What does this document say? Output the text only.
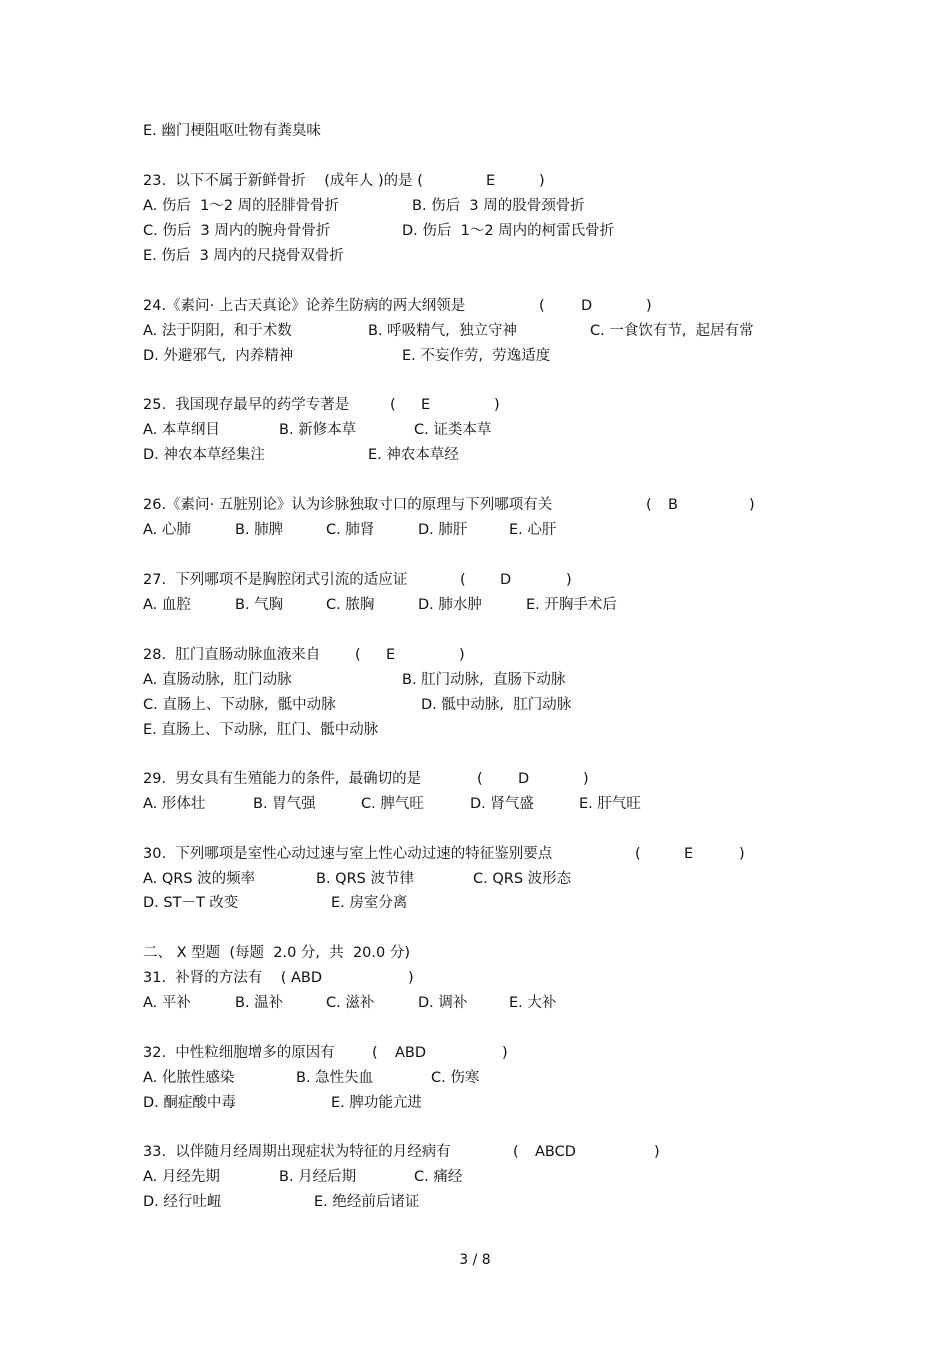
E. 幽门梗阻呕吐物有粪臭味
23.  以下不属于新鲜骨折    (成年人 )的是 (	E	)
A. 伤后  1～2 周的胫腓骨骨折	B. 伤后  3 周的股骨颈骨折
C. 伤后  3 周内的腕舟骨骨折	D. 伤后  1～2 周内的柯雷氏骨折
E. 伤后  3 周内的尺挠骨双骨折
24.《素问· 上古天真论》论养生防病的两大纲领是	(	D	)
A. 法于阴阳,  和于术数	B. 呼吸精气,  独立守神	C. 一食饮有节,  起居有常
D. 外避邪气,  内养精神	E. 不妄作劳,  劳逸适度
25.  我国现存最早的药学专著是	( E	)
A. 本草纲目	B. 新修本草	C. 证类本草
D. 神农本草经集注	E. 神农本草经
26.《素问· 五脏别论》认为诊脉独取寸口的原理与下列哪项有关	( B	)
A. 心肺	B. 肺脾	C. 肺肾	D. 肺肝	E. 心肝
27.  下列哪项不是胸腔闭式引流的适应证	( D	)
A. 血腔	B. 气胸	C. 脓胸	D. 肺水肿	E. 开胸手术后
28.  肛门直肠动脉血液来自 ( E	)
A. 直肠动脉,  肛门动脉	B. 肛门动脉,  直肠下动脉
C. 直肠上、下动脉,  骶中动脉	D. 骶中动脉,  肛门动脉
E. 直肠上、下动脉,  肛门、骶中动脉
29.  男女具有生殖能力的条件,  最确切的是	( D	)
A. 形体壮	B. 胃气强	C. 脾气旺	D. 肾气盛	E. 肝气旺
30.  下列哪项是室性心动过速与室上性心动过速的特征鉴别要点	(	E	)
A. QRS 波的频率	B. QRS 波节律	C. QRS 波形态
D. ST－T 改变	E. 房室分离
二、 X 型题  (每题  2.0 分,  共  20.0 分)
31.  补肾的方法有    ( ABD	)
A. 平补	B. 温补	C. 滋补	D. 调补	E. 大补
32.  中性粒细胞增多的原因有	( ABD	)
A. 化脓性感染	B. 急性失血	C. 伤寒
D. 酮症酸中毒	E. 脾功能亢进
33.  以伴随月经周期出现症状为特征的月经病有	( ABCD	)
A. 月经先期	B. 月经后期	C. 痛经
D. 经行吐衄	E. 绝经前后诸证
3 / 8
